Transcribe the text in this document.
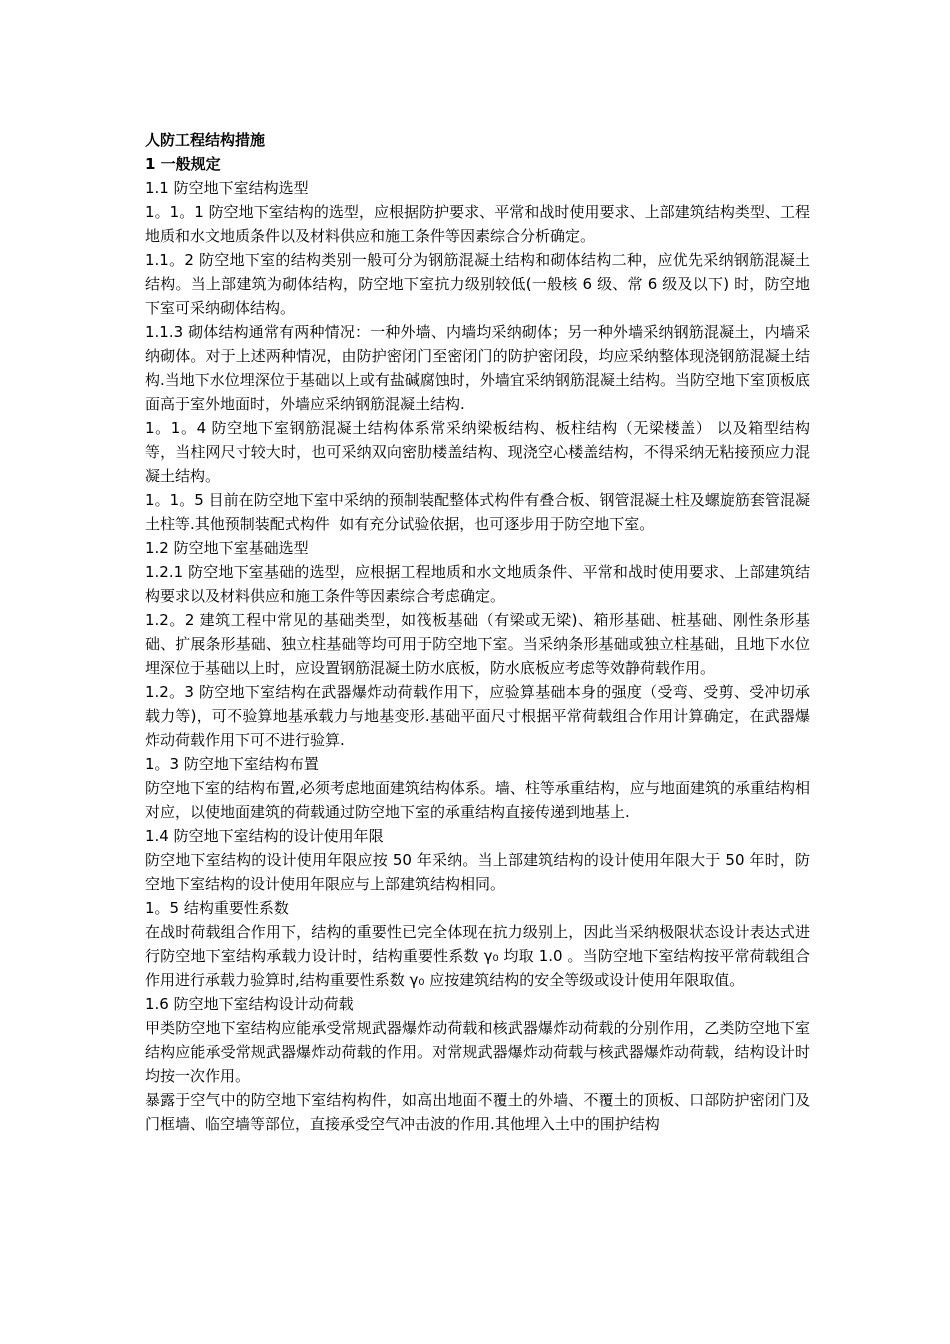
人防工程结构措施

1 一般规定

1.1 防空地下室结构选型

1。1。1 防空地下室结构的选型，应根据防护要求、平常和战时使用要求、上部建筑结构类型、工程地质和水文地质条件以及材料供应和施工条件等因素综合分析确定。

1.1。2 防空地下室的结构类别一般可分为钢筋混凝土结构和砌体结构二种，应优先采纳钢筋混凝土结构。当上部建筑为砌体结构，防空地下室抗力级别较低(一般核 6 级、常 6 级及以下) 时，防空地下室可采纳砌体结构。

1.1.3 砌体结构通常有两种情况：一种外墙、内墙均采纳砌体；另一种外墙采纳钢筋混凝土，内墙采纳砌体。对于上述两种情况，由防护密闭门至密闭门的防护密闭段，均应采纳整体现浇钢筋混凝土结构.当地下水位埋深位于基础以上或有盐碱腐蚀时，外墙宜采纳钢筋混凝土结构。当防空地下室顶板底面高于室外地面时，外墙应采纳钢筋混凝土结构.

1。1。4 防空地下室钢筋混凝土结构体系常采纳梁板结构、板柱结构（无梁楼盖） 以及箱型结构等，当柱网尺寸较大时，也可采纳双向密肋楼盖结构、现浇空心楼盖结构，不得采纳无粘接预应力混凝土结构。

1。1。5 目前在防空地下室中采纳的预制装配整体式构件有叠合板、钢管混凝土柱及螺旋筋套管混凝土柱等.其他预制装配式构件  如有充分试验依据，也可逐步用于防空地下室。

1.2 防空地下室基础选型

1.2.1 防空地下室基础的选型，应根据工程地质和水文地质条件、平常和战时使用要求、上部建筑结构要求以及材料供应和施工条件等因素综合考虑确定。

1.2。2 建筑工程中常见的基础类型，如筏板基础（有梁或无梁)、箱形基础、桩基础、刚性条形基础、扩展条形基础、独立柱基础等均可用于防空地下室。当采纳条形基础或独立柱基础，且地下水位埋深位于基础以上时，应设置钢筋混凝土防水底板，防水底板应考虑等效静荷载作用。

1.2。3 防空地下室结构在武器爆炸动荷载作用下，应验算基础本身的强度（受弯、受剪、受冲切承载力等)，可不验算地基承载力与地基变形.基础平面尺寸根据平常荷载组合作用计算确定，在武器爆炸动荷载作用下可不进行验算.

1。3 防空地下室结构布置

防空地下室的结构布置,必须考虑地面建筑结构体系。墙、柱等承重结构，应与地面建筑的承重结构相对应，以使地面建筑的荷载通过防空地下室的承重结构直接传递到地基上.

1.4 防空地下室结构的设计使用年限

防空地下室结构的设计使用年限应按 50 年采纳。当上部建筑结构的设计使用年限大于 50 年时，防空地下室结构的设计使用年限应与上部建筑结构相同。

1。5 结构重要性系数

在战时荷载组合作用下，结构的重要性已完全体现在抗力级别上，因此当采纳极限状态设计表达式进行防空地下室结构承载力设计时，结构重要性系数 γ₀ 均取 1.0 。当防空地下室结构按平常荷载组合作用进行承载力验算时,结构重要性系数 γ₀ 应按建筑结构的安全等级或设计使用年限取值。

1.6 防空地下室结构设计动荷载

甲类防空地下室结构应能承受常规武器爆炸动荷载和核武器爆炸动荷载的分别作用，乙类防空地下室结构应能承受常规武器爆炸动荷载的作用。对常规武器爆炸动荷载与核武器爆炸动荷载，结构设计时均按一次作用。

暴露于空气中的防空地下室结构构件，如高出地面不覆土的外墙、不覆土的顶板、口部防护密闭门及门框墙、临空墙等部位，直接承受空气冲击波的作用.其他埋入土中的围护结构
